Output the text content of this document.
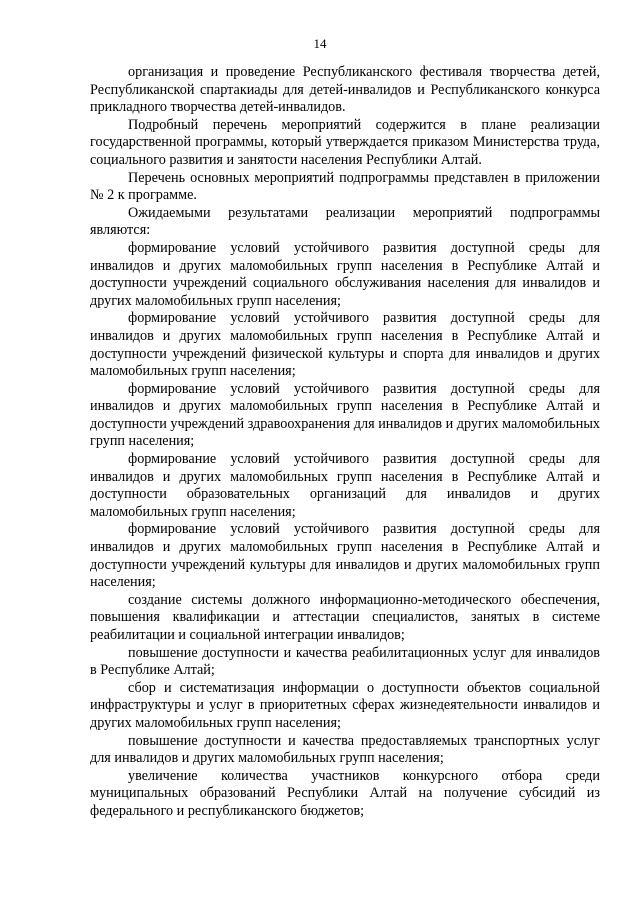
14

организация и проведение Республиканского фестиваля творчества детей, Республиканской спартакиады для детей-инвалидов и Республиканского конкурса прикладного творчества детей-инвалидов.

Подробный перечень мероприятий содержится в плане реализации государственной программы, который утверждается приказом Министерства труда, социального развития и занятости населения Республики Алтай.

Перечень основных мероприятий подпрограммы представлен в приложении № 2 к программе.

Ожидаемыми результатами реализации мероприятий подпрограммы являются:

формирование условий устойчивого развития доступной среды для инвалидов и других маломобильных групп населения в Республике Алтай и доступности учреждений социального обслуживания населения для инвалидов и других маломобильных групп населения;

формирование условий устойчивого развития доступной среды для инвалидов и других маломобильных групп населения в Республике Алтай и доступности учреждений физической культуры и спорта для инвалидов и других маломобильных групп населения;

формирование условий устойчивого развития доступной среды для инвалидов и других маломобильных групп населения в Республике Алтай и доступности учреждений здравоохранения для инвалидов и других маломобильных групп населения;

формирование условий устойчивого развития доступной среды для инвалидов и других маломобильных групп населения в Республике Алтай и доступности образовательных организаций для инвалидов и других маломобильных групп населения;

формирование условий устойчивого развития доступной среды для инвалидов и других маломобильных групп населения в Республике Алтай и доступности учреждений культуры для инвалидов и других маломобильных групп населения;

создание системы должного информационно-методического обеспечения, повышения квалификации и аттестации специалистов, занятых в системе реабилитации и социальной интеграции инвалидов;

повышение доступности и качества реабилитационных услуг для инвалидов в Республике Алтай;

сбор и систематизация информации о доступности объектов социальной инфраструктуры и услуг в приоритетных сферах жизнедеятельности инвалидов и других маломобильных групп населения;

повышение доступности и качества предоставляемых транспортных услуг для инвалидов и других маломобильных групп населения;

увеличение количества участников конкурсного отбора среди муниципальных образований Республики Алтай на получение субсидий из федерального и республиканского бюджетов;
